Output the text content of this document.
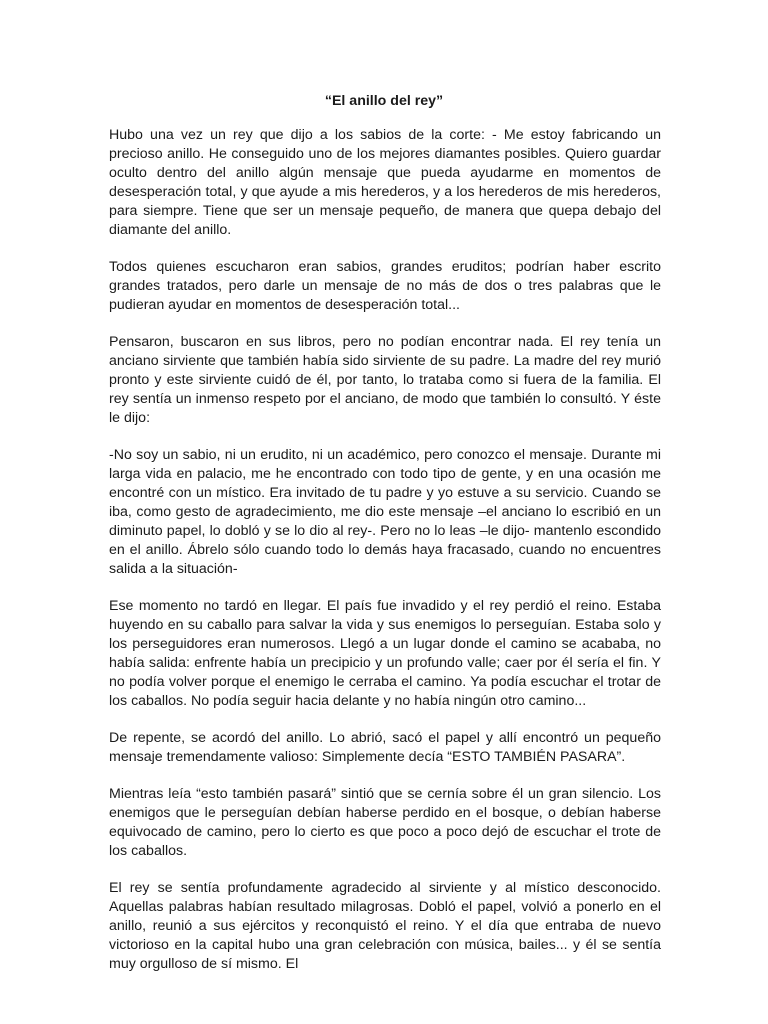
“El anillo del rey”

Hubo una vez un rey que dijo a los sabios de la corte: - Me estoy fabricando un precioso anillo. He conseguido uno de los mejores diamantes posibles. Quiero guardar oculto dentro del anillo algún mensaje que pueda ayudarme en momentos de desesperación total, y que ayude a mis herederos, y a los herederos de mis herederos, para siempre. Tiene que ser un mensaje pequeño, de manera que quepa debajo del diamante del anillo.

Todos quienes escucharon eran sabios, grandes eruditos; podrían haber escrito grandes tratados, pero darle un mensaje de no más de dos o tres palabras que le pudieran ayudar en momentos de desesperación total...

Pensaron, buscaron en sus libros, pero no podían encontrar nada. El rey tenía un anciano sirviente que también había sido sirviente de su padre. La madre del rey murió pronto y este sirviente cuidó de él, por tanto, lo trataba como si fuera de la familia. El rey sentía un inmenso respeto por el anciano, de modo que también lo consultó. Y éste le dijo:

-No soy un sabio, ni un erudito, ni un académico, pero conozco el mensaje. Durante mi larga vida en palacio, me he encontrado con todo tipo de gente, y en una ocasión me encontré con un místico. Era invitado de tu padre y yo estuve a su servicio. Cuando se iba, como gesto de agradecimiento, me dio este mensaje –el anciano lo escribió en un diminuto papel, lo dobló y se lo dio al rey-. Pero no lo leas –le dijo- mantenlo escondido en el anillo. Ábrelo sólo cuando todo lo demás haya fracasado, cuando no encuentres salida a la situación-

Ese momento no tardó en llegar. El país fue invadido y el rey perdió el reino. Estaba huyendo en su caballo para salvar la vida y sus enemigos lo perseguían. Estaba solo y los perseguidores eran numerosos. Llegó a un lugar donde el camino se acababa, no había salida: enfrente había un precipicio y un profundo valle; caer por él sería el fin. Y no podía volver porque el enemigo le cerraba el camino. Ya podía escuchar el trotar de los caballos. No podía seguir hacia delante y no había ningún otro camino...

De repente, se acordó del anillo. Lo abrió, sacó el papel y allí encontró un pequeño mensaje tremendamente valioso: Simplemente decía “ESTO TAMBIÉN PASARA”.

Mientras leía “esto también pasará” sintió que se cernía sobre él un gran silencio. Los enemigos que le perseguían debían haberse perdido en el bosque, o debían haberse equivocado de camino, pero lo cierto es que poco a poco dejó de escuchar el trote de los caballos.

El rey se sentía profundamente agradecido al sirviente y al místico desconocido. Aquellas palabras habían resultado milagrosas. Dobló el papel, volvió a ponerlo en el anillo, reunió a sus ejércitos y reconquistó el reino. Y el día que entraba de nuevo victorioso en la capital hubo una gran celebración con música, bailes... y él se sentía muy orgulloso de sí mismo. El
